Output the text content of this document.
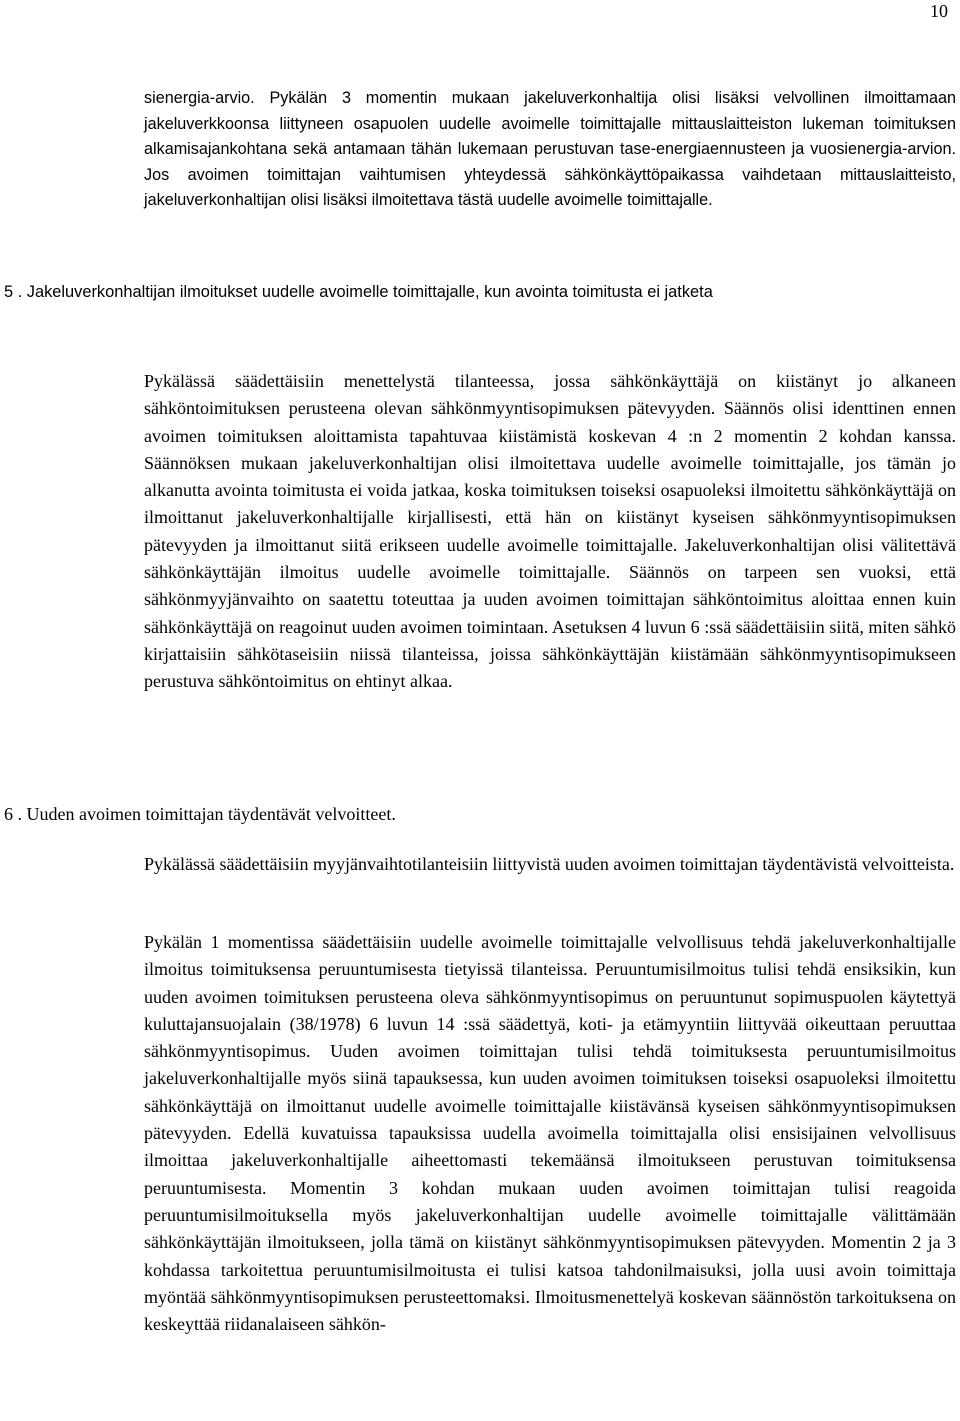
10

sienergia-arvio. Pykälän 3 momentin mukaan jakeluverkonhaltija olisi lisäksi velvollinen ilmoittamaan jakeluverkkoonsa liittyneen osapuolen uudelle avoimelle toimittajalle mittauslaitteiston lukeman toimituksen alkamisajankohtana sekä antamaan tähän lukemaan perustuvan tase-energiaennusteen ja vuosienergia-arvion. Jos avoimen toimittajan vaihtumisen yhteydessä sähkönkäyttöpaikassa vaihdetaan mittauslaitteisto, jakeluverkonhaltijan olisi lisäksi ilmoitettava tästä uudelle avoimelle toimittajalle.

5 . Jakeluverkonhaltijan ilmoitukset uudelle avoimelle toimittajalle, kun avointa toimitusta ei jatketa

Pykälässä säädettäisiin menettelystä tilanteessa, jossa sähkönkäyttäjä on kiistänyt jo alkaneen sähköntoimituksen perusteena olevan sähkönmyyntisopimuksen pätevyyden. Säännös olisi identtinen ennen avoimen toimituksen aloittamista tapahtuvaa kiistämistä koskevan 4 :n 2 momentin 2 kohdan kanssa. Säännöksen mukaan jakeluverkonhaltijan olisi ilmoitettava uudelle avoimelle toimittajalle, jos tämän jo alkanutta avointa toimitusta ei voida jatkaa, koska toimituksen toiseksi osapuoleksi ilmoitettu sähkönkäyttäjä on ilmoittanut jakeluverkonhaltijalle kirjallisesti, että hän on kiistänyt kyseisen sähkönmyyntisopimuksen pätevyyden ja ilmoittanut siitä erikseen uudelle avoimelle toimittajalle. Jakeluverkonhaltijan olisi välitettävä sähkönkäyttäjän ilmoitus uudelle avoimelle toimittajalle. Säännös on tarpeen sen vuoksi, että sähkönmyyjänvaihto on saatettu toteuttaa ja uuden avoimen toimittajan sähköntoimitus aloittaa ennen kuin sähkönkäyttäjä on reagoinut uuden avoimen toimintaan. Asetuksen 4 luvun 6 :ssä säädettäisiin siitä, miten sähkö kirjattaisiin sähkötaseisiin niissä tilanteissa, joissa sähkönkäyttäjän kiistämään sähkönmyyntisopimukseen perustuva sähköntoimitus on ehtinyt alkaa.

6 . Uuden avoimen toimittajan täydentävät velvoitteet.

Pykälässä säädettäisiin myyjänvaihtotilanteisiin liittyvistä uuden avoimen toimittajan täydentävistä velvoitteista.

Pykälän 1 momentissa säädettäisiin uudelle avoimelle toimittajalle velvollisuus tehdä jakeluverkonhaltijalle ilmoitus toimituksensa peruuntumisesta tietyissä tilanteissa. Peruuntumisilmoitus tulisi tehdä ensiksikin, kun uuden avoimen toimituksen perusteena oleva sähkönmyyntisopimus on peruuntunut sopimuspuolen käytettyä kuluttajansuojalain (38/1978) 6 luvun 14 :ssä säädettyä, koti- ja etämyyntiin liittyvää oikeuttaan peruuttaa sähkönmyyntisopimus. Uuden avoimen toimittajan tulisi tehdä toimituksesta peruuntumisilmoitus jakeluverkonhaltijalle myös siinä tapauksessa, kun uuden avoimen toimituksen toiseksi osapuoleksi ilmoitettu sähkönkäyttäjä on ilmoittanut uudelle avoimelle toimittajalle kiistävänsä kyseisen sähkönmyyntisopimuksen pätevyyden. Edellä kuvatuissa tapauksissa uudella avoimella toimittajalla olisi ensisijainen velvollisuus ilmoittaa jakeluverkonhaltijalle aiheettomasti tekemäänsä ilmoitukseen perustuvan toimituksensa peruuntumisesta. Momentin 3 kohdan mukaan uuden avoimen toimittajan tulisi reagoida peruuntumisilmoituksella myös jakeluverkonhaltijan uudelle avoimelle toimittajalle välittämään sähkönkäyttäjän ilmoitukseen, jolla tämä on kiistänyt sähkönmyyntisopimuksen pätevyyden. Momentin 2 ja 3 kohdassa tarkoitettua peruuntumisilmoitusta ei tulisi katsoa tahdonilmaisuksi, jolla uusi avoin toimittaja myöntää sähkönmyyntisopimuksen perusteettomaksi. Ilmoitusmenettelyä koskevan säännöstön tarkoituksena on keskeyttää riidanalaiseen sähkön-
